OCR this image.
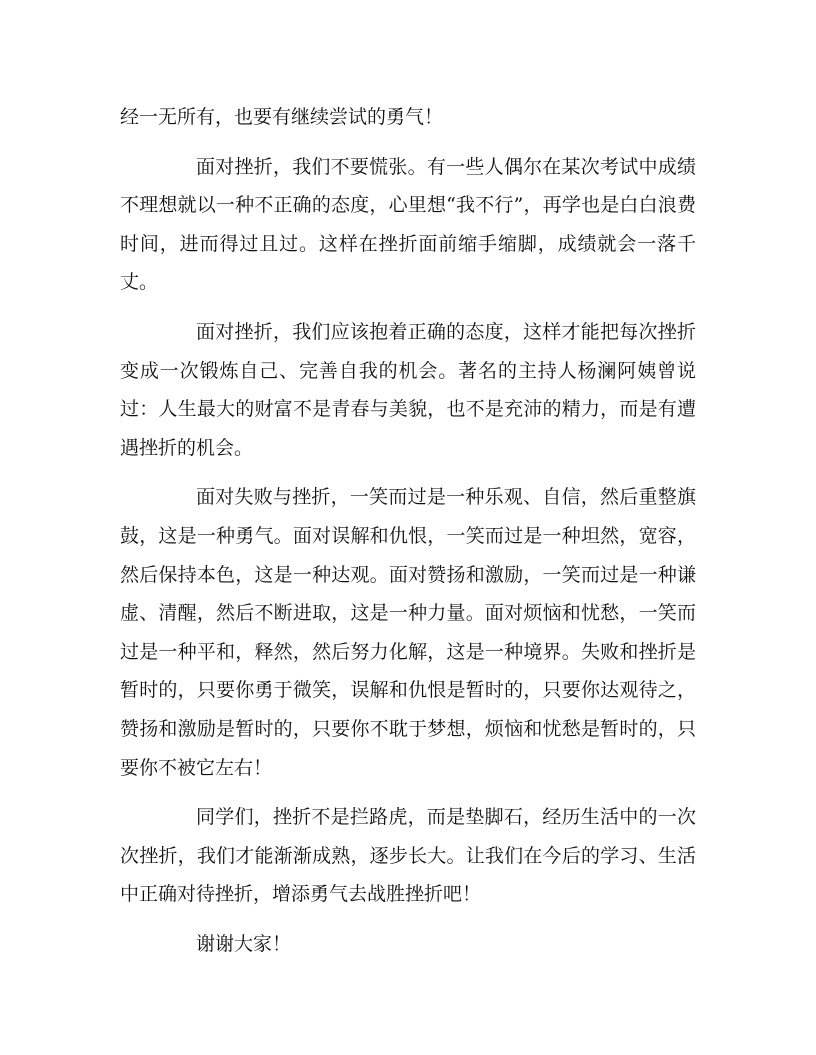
经一无所有，也要有继续尝试的勇气！

面对挫折，我们不要慌张。有一些人偶尔在某次考试中成绩不理想就以一种不正确的态度，心里想“我不行”，再学也是白白浪费时间，进而得过且过。这样在挫折面前缩手缩脚，成绩就会一落千丈。

面对挫折，我们应该抱着正确的态度，这样才能把每次挫折变成一次锻炼自己、完善自我的机会。著名的主持人杨澜阿姨曾说过：人生最大的财富不是青春与美貌，也不是充沛的精力，而是有遭遇挫折的机会。

面对失败与挫折，一笑而过是一种乐观、自信，然后重整旗鼓，这是一种勇气。面对误解和仇恨，一笑而过是一种坦然，宽容，然后保持本色，这是一种达观。面对赞扬和激励，一笑而过是一种谦虚、清醒，然后不断进取，这是一种力量。面对烦恼和忧愁，一笑而过是一种平和，释然，然后努力化解，这是一种境界。失败和挫折是暂时的，只要你勇于微笑，误解和仇恨是暂时的，只要你达观待之，赞扬和激励是暂时的，只要你不耽于梦想，烦恼和忧愁是暂时的，只要你不被它左右！

同学们，挫折不是拦路虎，而是垫脚石，经历生活中的一次次挫折，我们才能渐渐成熟，逐步长大。让我们在今后的学习、生活中正确对待挫折，增添勇气去战胜挫折吧！

谢谢大家！
